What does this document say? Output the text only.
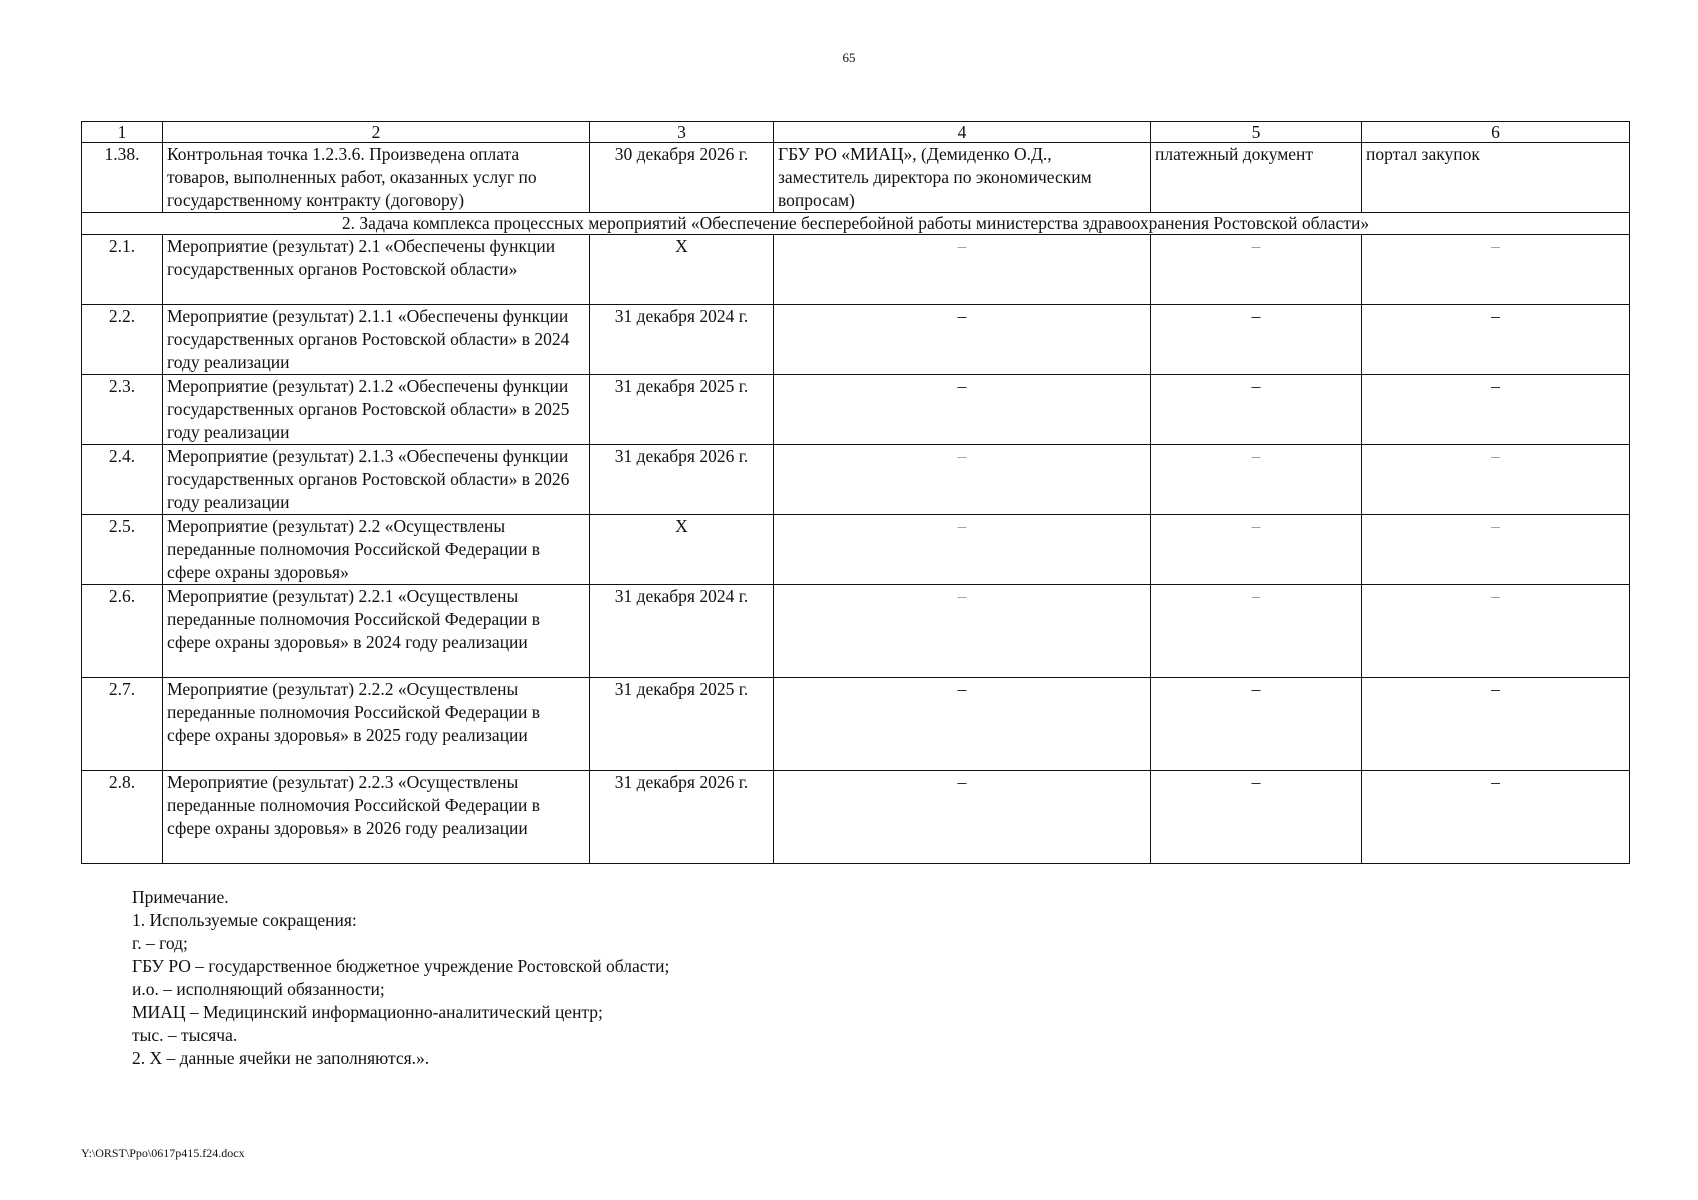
65
1	2	3	4	5	6
1.38.	Контрольная точка 1.2.3.6. Произведена оплата товаров, выполненных работ, оказанных услуг по государственному контракту (договору)	30 декабря 2026 г.	ГБУ РО «МИАЦ», (Демиденко О.Д., заместитель директора по экономическим вопросам)	платежный документ	портал закупок
2. Задача комплекса процессных мероприятий «Обеспечение бесперебойной работы министерства здравоохранения Ростовской области»					
2.1.	Мероприятие (результат) 2.1 «Обеспечены функции государственных органов Ростовской области»	X	–	–	–
2.2.	Мероприятие (результат) 2.1.1 «Обеспечены функции государственных органов Ростовской области» в 2024 году реализации	31 декабря 2024 г.	–	–	–
2.3.	Мероприятие (результат) 2.1.2 «Обеспечены функции государственных органов Ростовской области» в 2025 году реализации	31 декабря 2025 г.	–	–	–
2.4.	Мероприятие (результат) 2.1.3 «Обеспечены функции государственных органов Ростовской области» в 2026 году реализации	31 декабря 2026 г.	–	–	–
2.5.	Мероприятие (результат) 2.2 «Осуществлены переданные полномочия Российской Федерации в сфере охраны здоровья»	X	–	–	–
2.6.	Мероприятие (результат) 2.2.1 «Осуществлены переданные полномочия Российской Федерации в сфере охраны здоровья» в 2024 году реализации	31 декабря 2024 г.	–	–	–
2.7.	Мероприятие (результат) 2.2.2 «Осуществлены переданные полномочия Российской Федерации в сфере охраны здоровья» в 2025 году реализации	31 декабря 2025 г.	–	–	–
2.8.	Мероприятие (результат) 2.2.3 «Осуществлены переданные полномочия Российской Федерации в сфере охраны здоровья» в 2026 году реализации	31 декабря 2026 г.	–	–	–
Примечание.
1. Используемые сокращения:
г. – год;
ГБУ РО – государственное бюджетное учреждение Ростовской области;
и.о. – исполняющий обязанности;
МИАЦ – Медицинский информационно-аналитический центр;
тыс. – тысяча.
2. X – данные ячейки не заполняются.».
Y:\ORST\Ppo\0617p415.f24.docx
